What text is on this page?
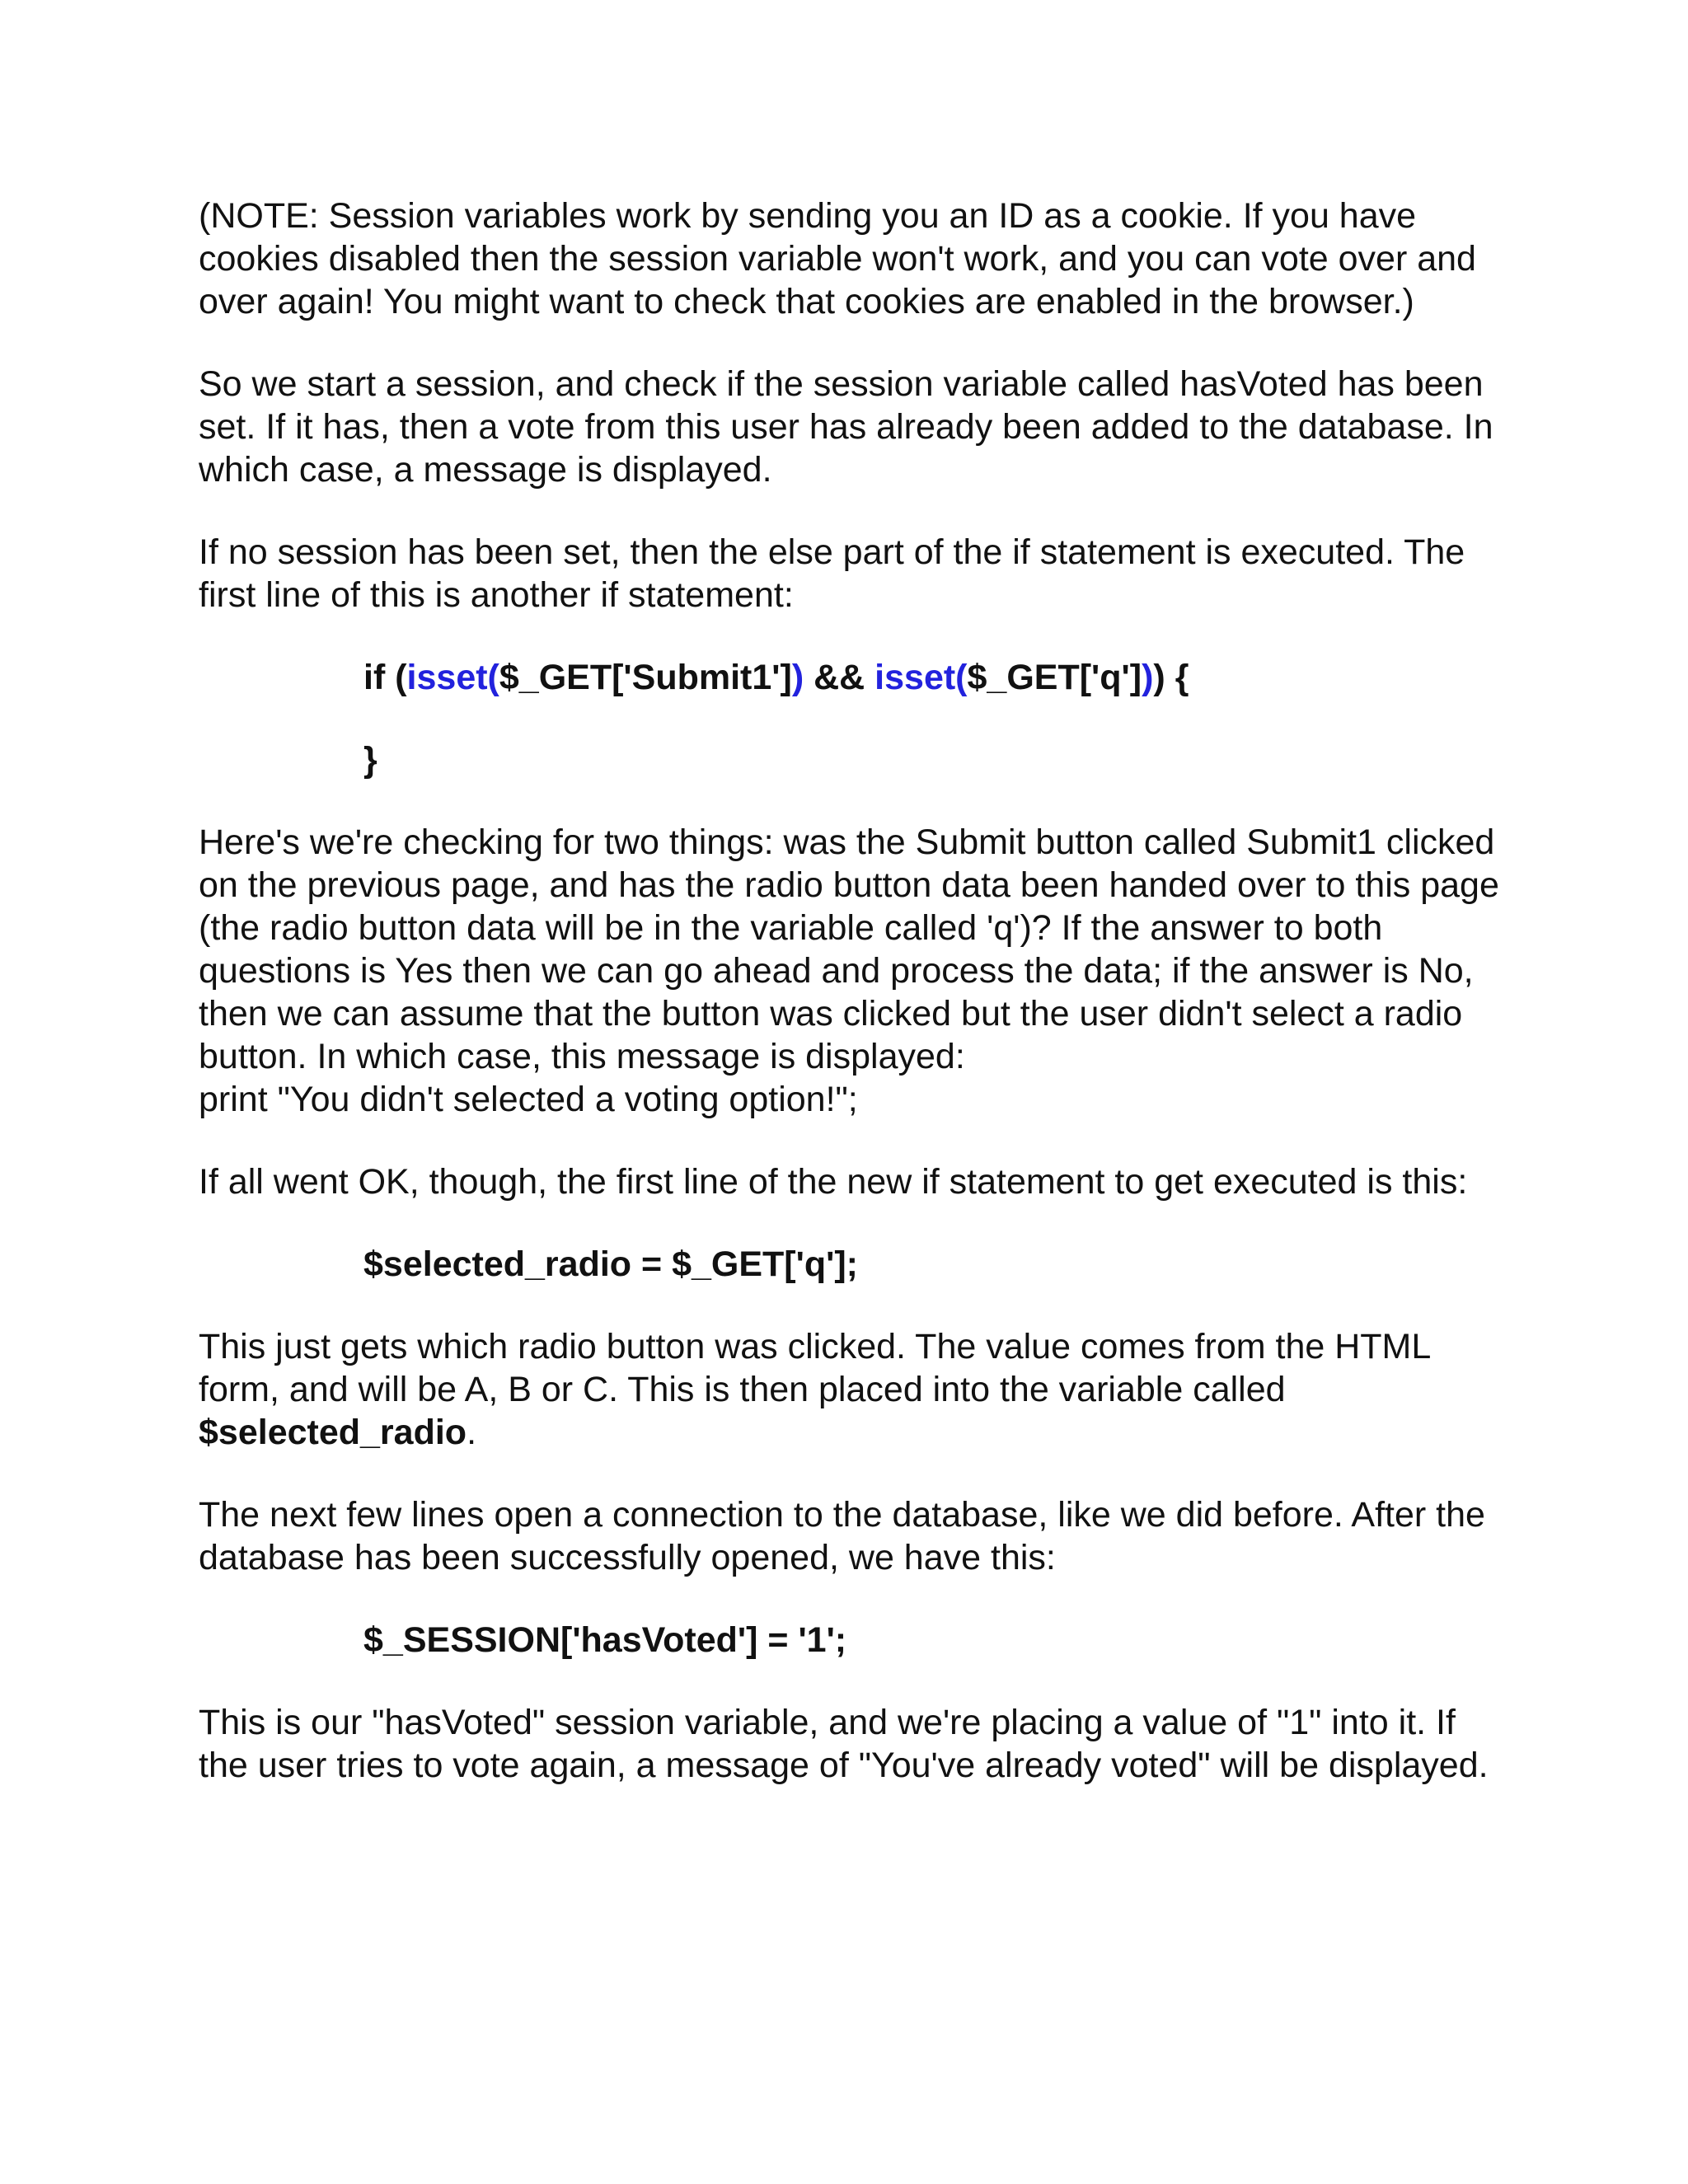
(NOTE: Session variables work by sending you an ID as a cookie. If you have cookies disabled then the session variable won't work, and you can vote over and over again! You might want to check that cookies are enabled in the browser.)

So we start a session, and check if the session variable called hasVoted has been set. If it has, then a vote from this user has already been added to the database. In which case, a message is displayed.

If no session has been set, then the else part of the if statement is executed. The first line of this is another if statement:

if (isset($_GET['Submit1']) && isset($_GET['q'])) {
}

Here's we're checking for two things: was the Submit button called Submit1 clicked on the previous page, and has the radio button data been handed over to this page (the radio button data will be in the variable called 'q')? If the answer to both questions is Yes then we can go ahead and process the data; if the answer is No, then we can assume that the button was clicked but the user didn't select a radio button. In which case, this message is displayed:

print "You didn't selected a voting option!";

If all went OK, though, the first line of the new if statement to get executed is this:

$selected_radio = $_GET['q'];

This just gets which radio button was clicked. The value comes from the HTML form, and will be A, B or C. This is then placed into the variable called $selected_radio.

The next few lines open a connection to the database, like we did before. After the database has been successfully opened, we have this:

$_SESSION['hasVoted'] = '1';

This is our "hasVoted" session variable, and we're placing a value of "1" into it. If the user tries to vote again, a message of "You've already voted" will be displayed.
